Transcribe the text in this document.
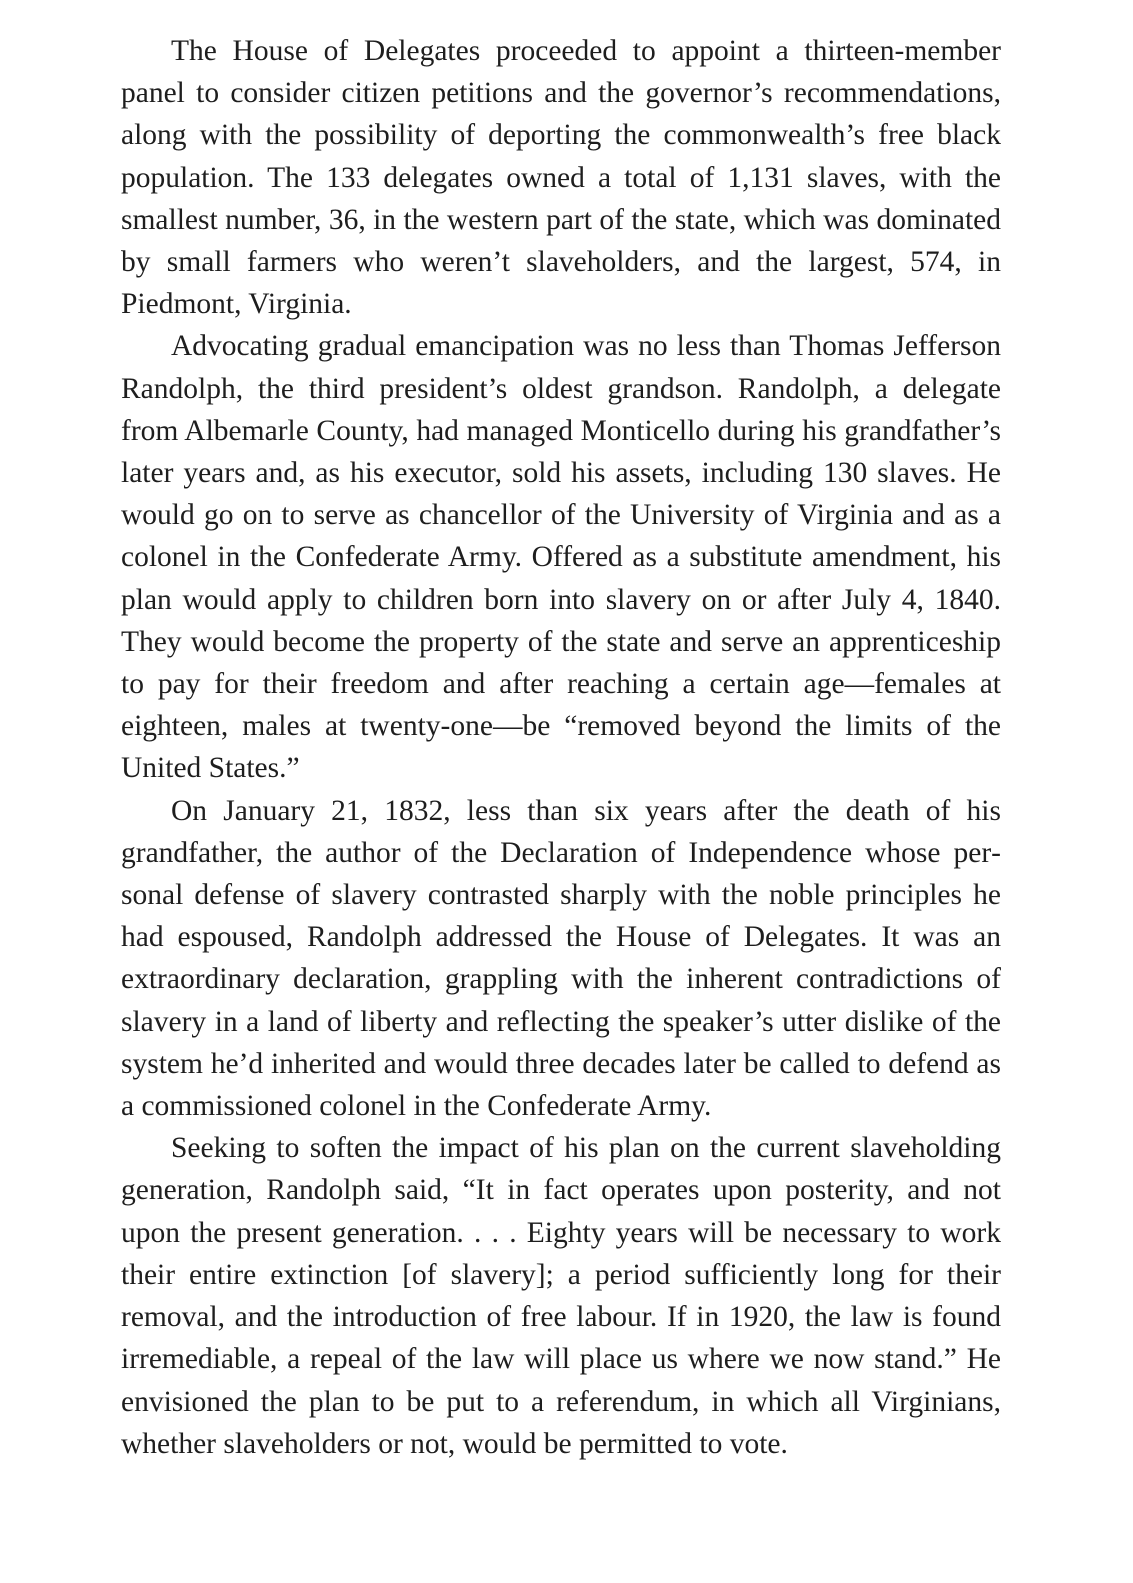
The House of Delegates proceeded to appoint a thirteen-member panel to consider citizen petitions and the governor’s recommendations, along with the possibility of deporting the commonwealth’s free black population. The 133 delegates owned a total of 1,131 slaves, with the smallest number, 36, in the western part of the state, which was dominated by small farmers who weren’t slaveholders, and the largest, 574, in Piedmont, Virginia.

Advocating gradual emancipation was no less than Thomas Jefferson Randolph, the third president’s oldest grandson. Randolph, a delegate from Albemarle County, had managed Monticello during his grandfather’s later years and, as his executor, sold his assets, including 130 slaves. He would go on to serve as chancellor of the University of Virginia and as a colonel in the Confederate Army. Offered as a substitute amendment, his plan would apply to children born into slavery on or after July 4, 1840. They would become the property of the state and serve an apprenticeship to pay for their freedom and after reaching a certain age—females at eighteen, males at twenty-one—be “removed beyond the limits of the United States.”

On January 21, 1832, less than six years after the death of his grandfather, the author of the Declaration of Independence whose personal defense of slavery contrasted sharply with the noble principles he had espoused, Randolph addressed the House of Delegates. It was an extraordinary declaration, grappling with the inherent contradictions of slavery in a land of liberty and reflecting the speaker’s utter dislike of the system he’d inherited and would three decades later be called to defend as a commissioned colonel in the Confederate Army.

Seeking to soften the impact of his plan on the current slaveholding generation, Randolph said, “It in fact operates upon posterity, and not upon the present generation. . . . Eighty years will be necessary to work their entire extinction [of slavery]; a period sufficiently long for their removal, and the introduction of free labour. If in 1920, the law is found irremediable, a repeal of the law will place us where we now stand.” He envisioned the plan to be put to a referendum, in which all Virginians, whether slaveholders or not, would be permitted to vote.
